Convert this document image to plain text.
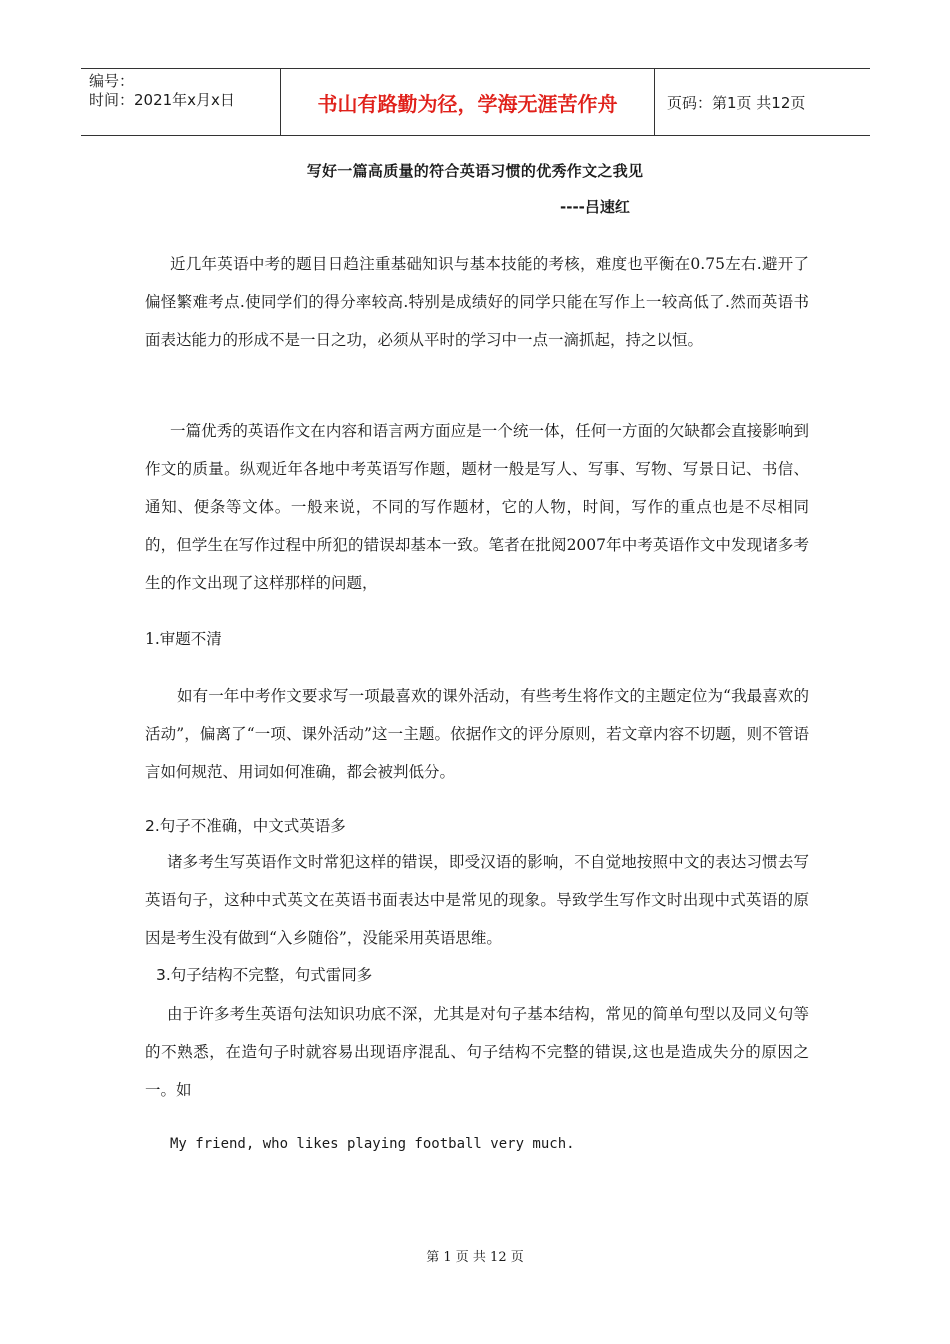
编号：
时间：2021年x月x日	书山有路勤为径，学海无涯苦作舟	页码：第1页 共12页
写好一篇高质量的符合英语习惯的优秀作文之我见
----吕速红

近几年英语中考的题目日趋注重基础知识与基本技能的考核，难度也平衡在0.75左右.避开了偏怪繁难考点.使同学们的得分率较高.特别是成绩好的同学只能在写作上一较高低了.然而英语书面表达能力的形成不是一日之功，必须从平时的学习中一点一滴抓起，持之以恒。

一篇优秀的英语作文在内容和语言两方面应是一个统一体，任何一方面的欠缺都会直接影响到作文的质量。纵观近年各地中考英语写作题，题材一般是写人、写事、写物、写景日记、书信、通知、便条等文体。一般来说，不同的写作题材，它的人物，时间，写作的重点也是不尽相同的，但学生在写作过程中所犯的错误却基本一致。笔者在批阅2007年中考英语作文中发现诸多考生的作文出现了这样那样的问题，

1.审题不清

如有一年中考作文要求写一项最喜欢的课外活动，有些考生将作文的主题定位为“我最喜欢的活动”，偏离了“一项、课外活动”这一主题。依据作文的评分原则，若文章内容不切题，则不管语言如何规范、用词如何准确，都会被判低分。

2.句子不准确，中文式英语多

诸多考生写英语作文时常犯这样的错误，即受汉语的影响，不自觉地按照中文的表达习惯去写英语句子，这种中式英文在英语书面表达中是常见的现象。导致学生写作文时出现中式英语的原因是考生没有做到“入乡随俗”，没能采用英语思维。

3.句子结构不完整，句式雷同多

由于许多考生英语句法知识功底不深，尤其是对句子基本结构，常见的简单句型以及同义句等的不熟悉，在造句子时就容易出现语序混乱、句子结构不完整的错误,这也是造成失分的原因之一。如

My friend, who likes playing football very much.
第 1 页 共 12 页
